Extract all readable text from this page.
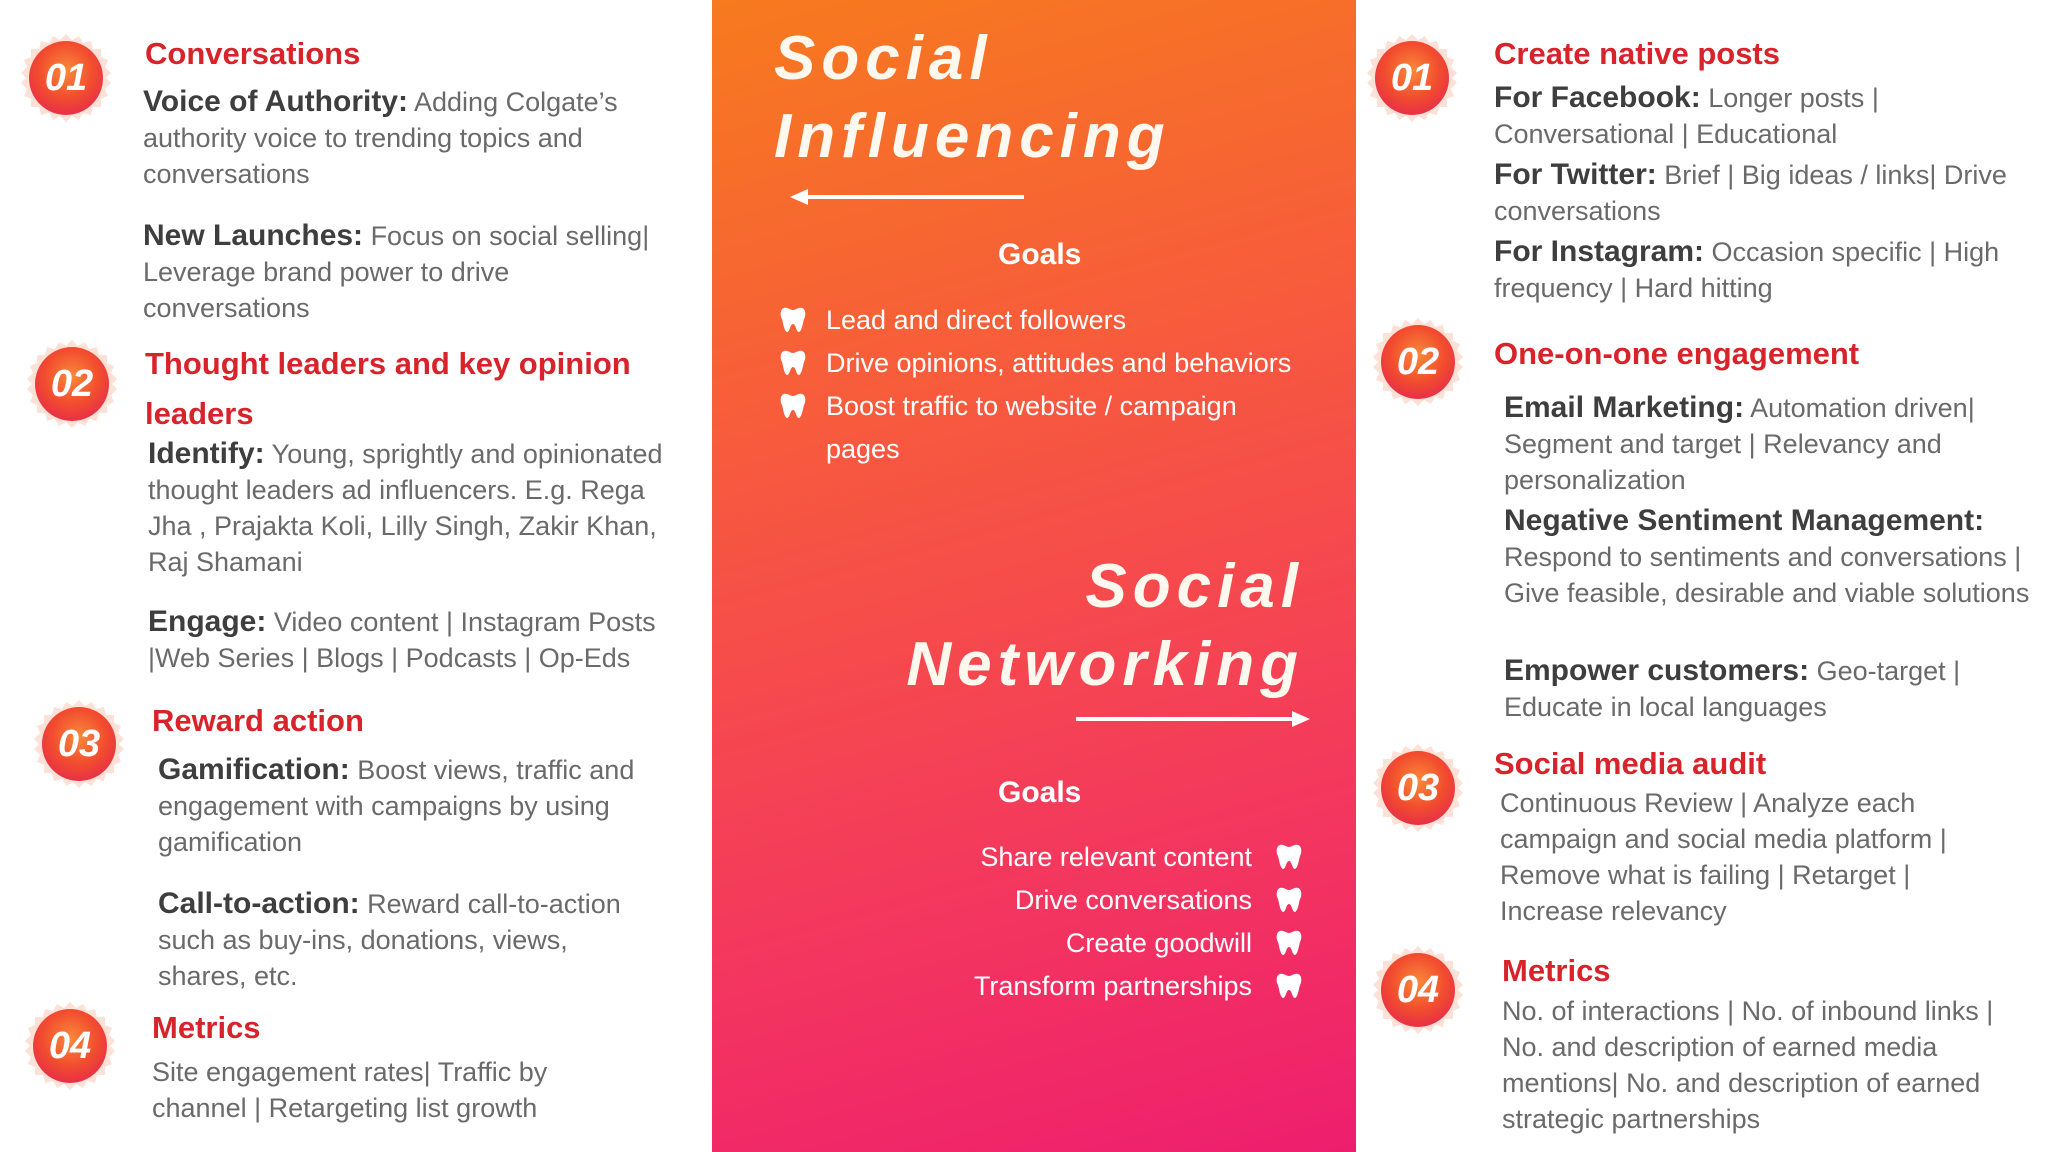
01
Conversations

Voice of Authority: Adding Colgate’s authority voice to trending topics and conversations

New Launches: Focus on social selling| Leverage brand power to drive conversations

02	Thought leaders and key opinion leaders

Identify: Young, sprightly and opinionated thought leaders ad influencers. E.g. Rega Jha , Prajakta Koli, Lilly Singh, Zakir Khan, Raj Shamani

Engage: Video content | Instagram Posts |Web Series | Blogs | Podcasts | Op-Eds

03
Reward action

Gamification: Boost views, traffic and engagement with campaigns by using gamification

Call-to-action: Reward call-to-action such as buy-ins, donations, views, shares, etc.

04	Metrics

Site engagement rates| Traffic by channel | Retargeting list growth

Social
Influencing
Goals
Lead and direct followers
Drive opinions, attitudes and behaviors
Boost traffic to website / campaign pages
Social
Networking
Goals
Share relevant content
Drive conversations
Create goodwill
Transform partnerships
01
Create native posts

For Facebook: Longer posts | Conversational | Educational

For Twitter: Brief | Big ideas / links| Drive conversations

For Instagram: Occasion specific | High frequency | Hard hitting

02	One-on-one engagement

Email Marketing: Automation driven| Segment and target | Relevancy and personalization

Negative Sentiment Management: Respond to sentiments and conversations | Give feasible, desirable and viable solutions

Empower customers: Geo-target | Educate in local languages

03
Social media audit

Continuous Review | Analyze each campaign and social media platform | Remove what is failing | Retarget | Increase relevancy

04	Metrics

No. of interactions | No. of inbound links | No. and description of earned media mentions| No. and description of earned strategic partnerships
